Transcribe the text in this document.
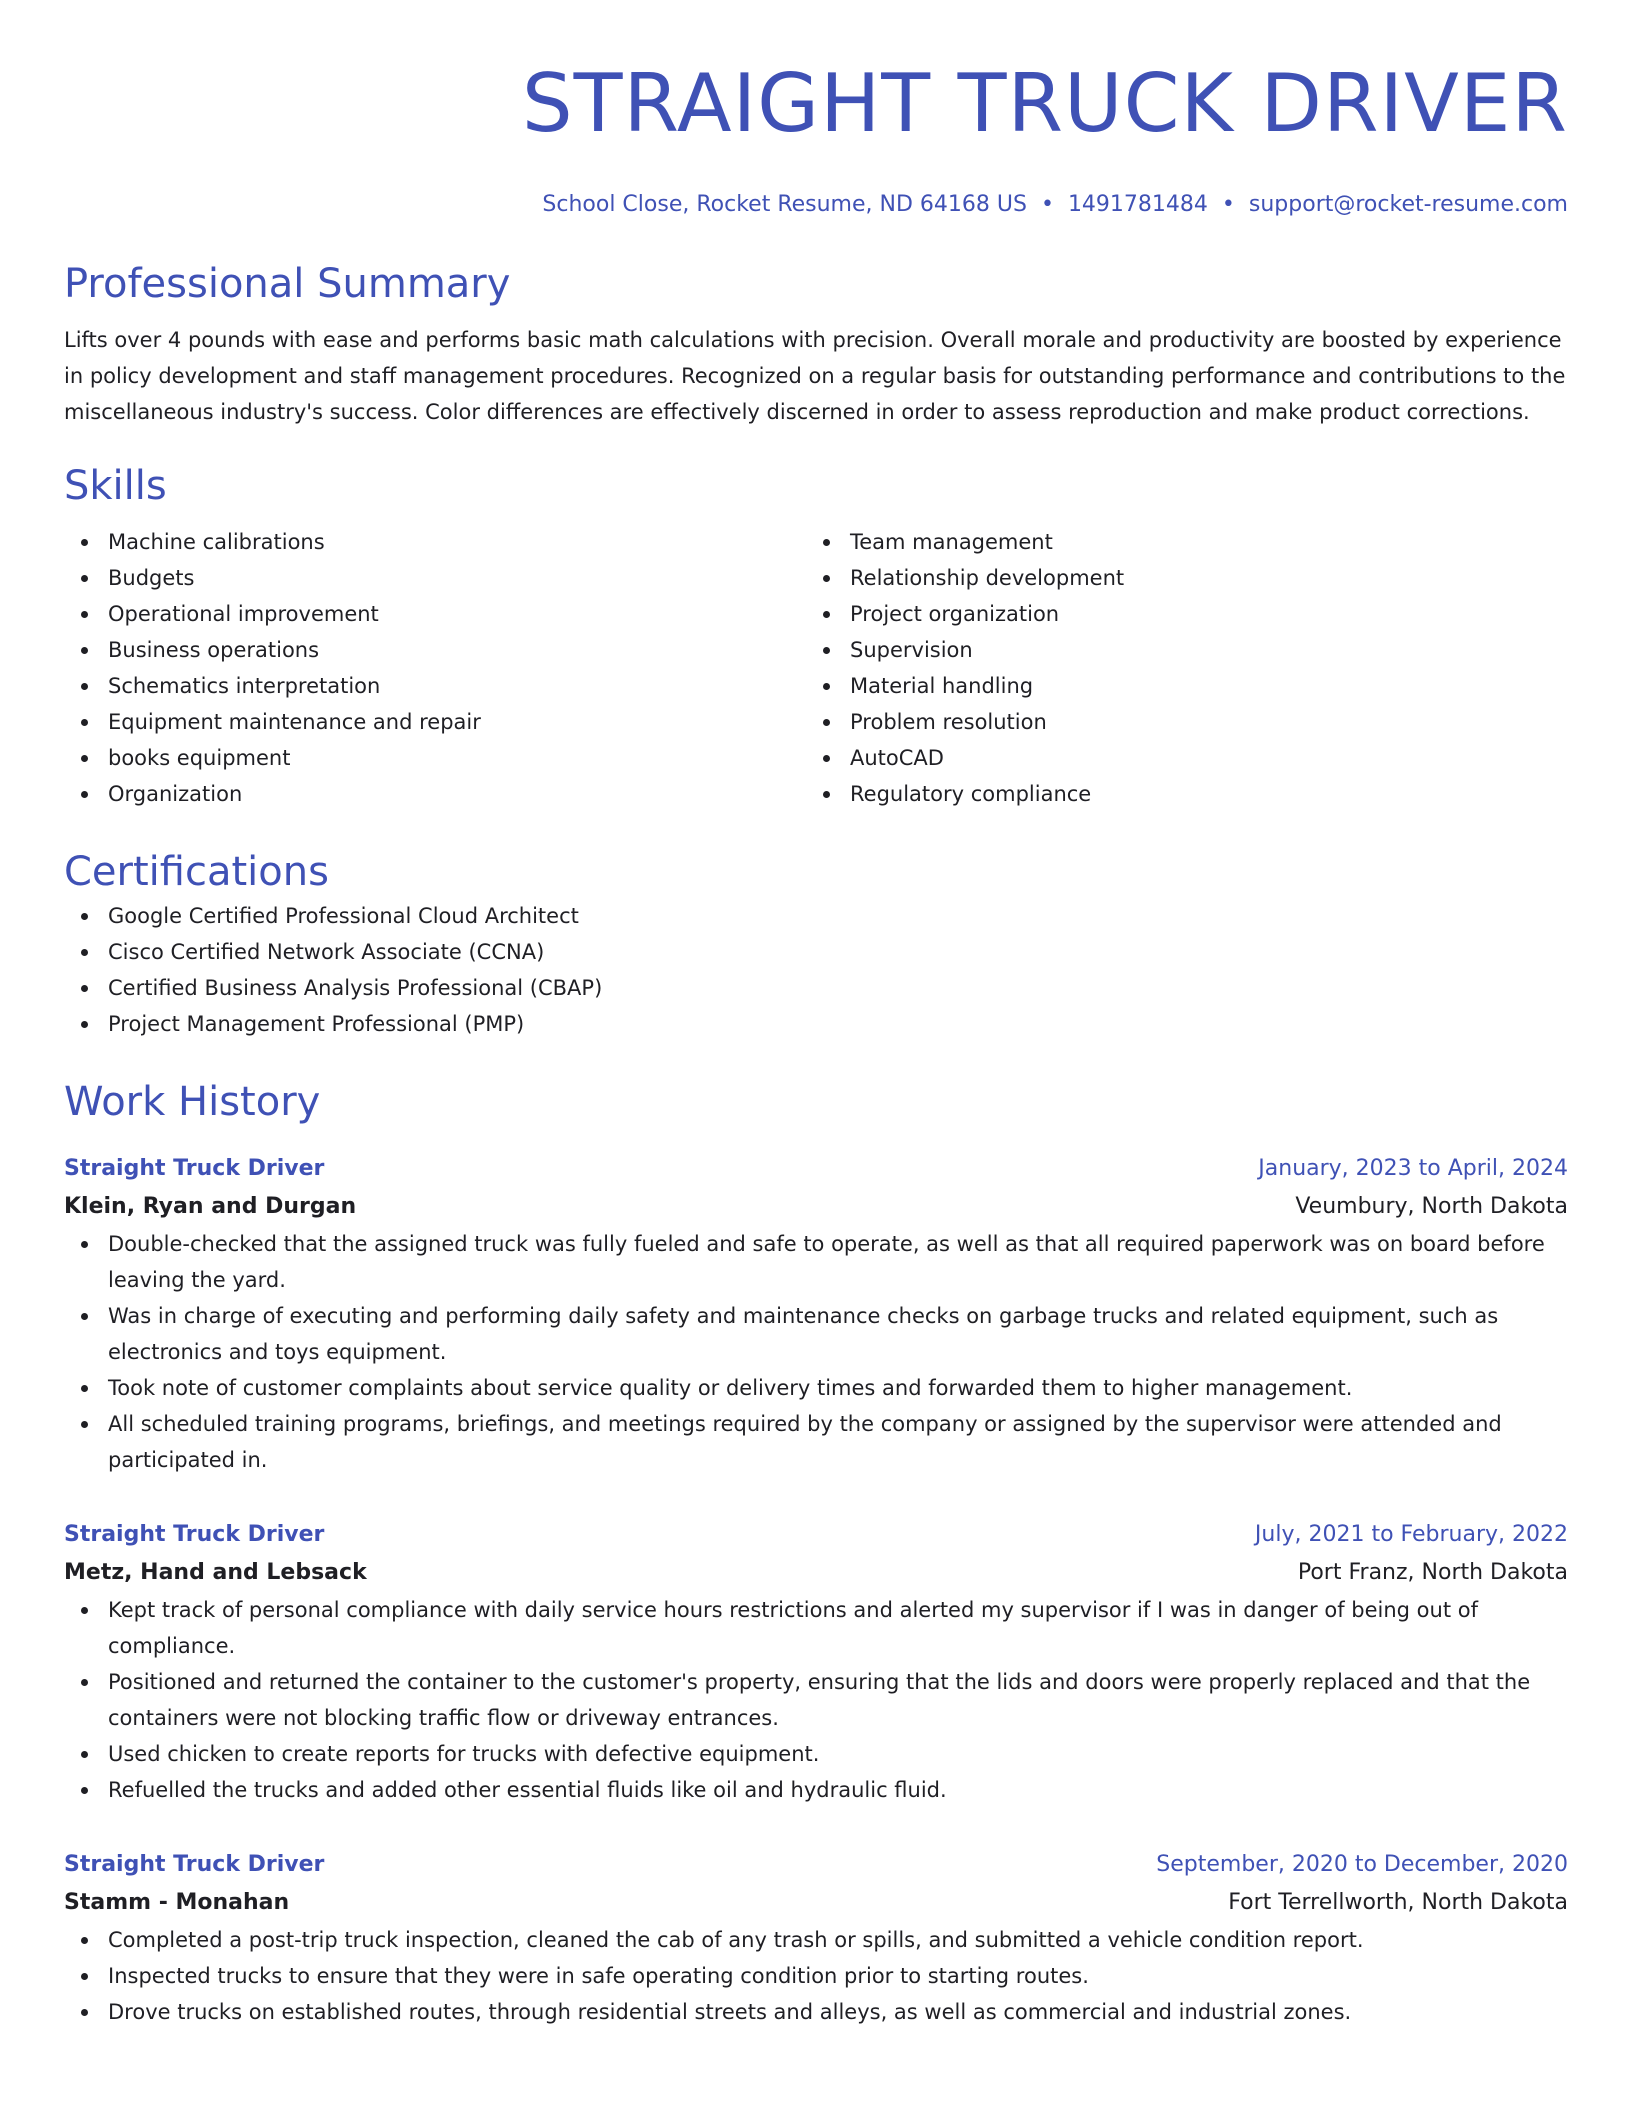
STRAIGHT TRUCK DRIVER
School Close, Rocket Resume, ND 64168 US • 1491781484 • support@rocket-resume.com
Professional Summary

Lifts over 4 pounds with ease and performs basic math calculations with precision. Overall morale and productivity are boosted by experience in policy development and staff management procedures. Recognized on a regular basis for outstanding performance and contributions to the miscellaneous industry's success. Color differences are effectively discerned in order to assess reproduction and make product corrections.

Skills
Machine calibrations
Budgets
Operational improvement
Business operations
Schematics interpretation
Equipment maintenance and repair
books equipment
Organization
Team management
Relationship development
Project organization
Supervision
Material handling
Problem resolution
AutoCAD
Regulatory compliance
Certifications
Google Certified Professional Cloud Architect
Cisco Certified Network Associate (CCNA)
Certified Business Analysis Professional (CBAP)
Project Management Professional (PMP)
Work History
Straight Truck Driver	January, 2023 to April, 2024
Klein, Ryan and Durgan	Veumbury, North Dakota
Double-checked that the assigned truck was fully fueled and safe to operate, as well as that all required paperwork was on board before leaving the yard.
Was in charge of executing and performing daily safety and maintenance checks on garbage trucks and related equipment, such as electronics and toys equipment.
Took note of customer complaints about service quality or delivery times and forwarded them to higher management.
All scheduled training programs, briefings, and meetings required by the company or assigned by the supervisor were attended and participated in.
Straight Truck Driver	July, 2021 to February, 2022
Metz, Hand and Lebsack	Port Franz, North Dakota
Kept track of personal compliance with daily service hours restrictions and alerted my supervisor if I was in danger of being out of compliance.
Positioned and returned the container to the customer's property, ensuring that the lids and doors were properly replaced and that the containers were not blocking traffic flow or driveway entrances.
Used chicken to create reports for trucks with defective equipment.
Refuelled the trucks and added other essential fluids like oil and hydraulic fluid.
Straight Truck Driver	September, 2020 to December, 2020
Stamm - Monahan	Fort Terrellworth, North Dakota
Completed a post-trip truck inspection, cleaned the cab of any trash or spills, and submitted a vehicle condition report.
Inspected trucks to ensure that they were in safe operating condition prior to starting routes.
Drove trucks on established routes, through residential streets and alleys, as well as commercial and industrial zones.
